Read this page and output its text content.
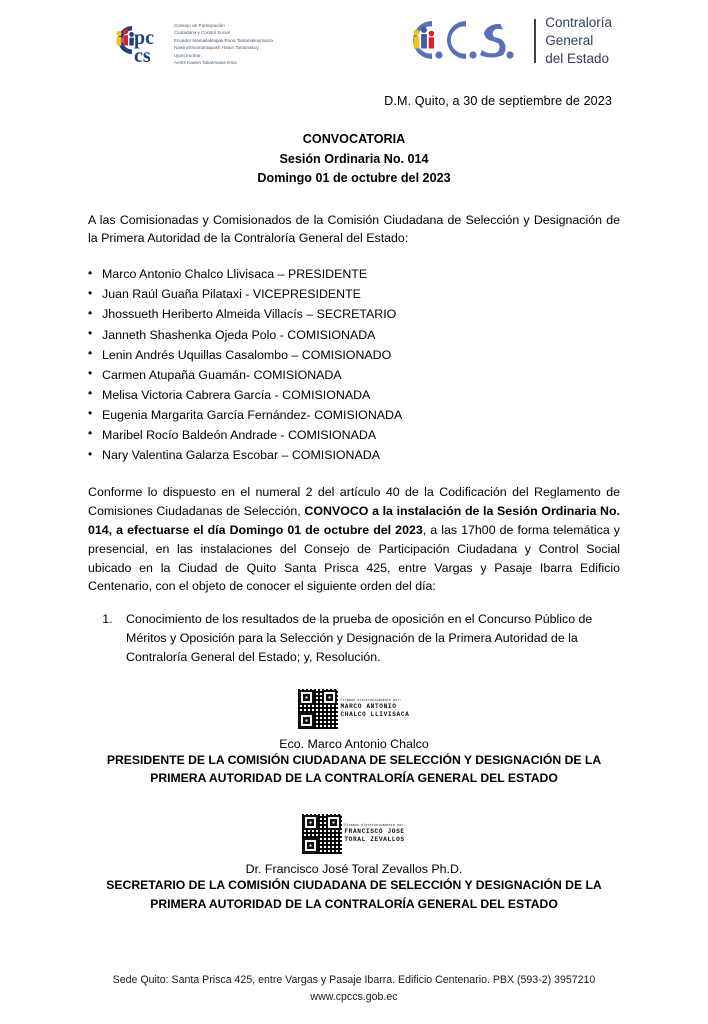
pc
cs
Consejo de Participación
Ciudadana y Control Social
Ecuador Mamallaktapak Runa Tantanakuymanta
Nawinchinamantapash Hatun Tantanakuy
Ujunt Iruntrar,
Aents Kawen Takatmania Iimia
Contraloría
General
del Estado
D.M. Quito, a 30 de septiembre de 2023
CONVOCATORIA
Sesión Ordinaria No. 014
Domingo 01 de octubre del 2023
A las Comisionadas y Comisionados de la Comisión Ciudadana de Selección y Designación de la Primera Autoridad de la Contraloría General del Estado:
• Marco Antonio Chalco Llivisaca – PRESIDENTE
• Juan Raúl Guaña Pilataxi - VICEPRESIDENTE
• Jhossueth Heriberto Almeida Villacís – SECRETARIO
• Janneth Shashenka Ojeda Polo - COMISIONADA
• Lenin Andrés Uquillas Casalombo – COMISIONADO
• Carmen Atupaña Guamán- COMISIONADA
• Melisa Victoria Cabrera García - COMISIONADA
• Eugenia Margarita García Fernández- COMISIONADA
• Maribel Rocío Baldeón Andrade - COMISIONADA
• Nary Valentina Galarza Escobar – COMISIONADA
Conforme lo dispuesto en el numeral 2 del artículo 40 de la Codificación del Reglamento de Comisiones Ciudadanas de Selección, CONVOCO a la instalación de la Sesión Ordinaria No. 014, a efectuarse el día Domingo 01 de octubre del 2023, a las 17h00 de forma telemática y presencial, en las instalaciones del Consejo de Participación Ciudadana y Control Social ubicado en la Ciudad de Quito Santa Prisca 425, entre Vargas y Pasaje Ibarra Edificio Centenario, con el objeto de conocer el siguiente orden del día:
1. Conocimiento de los resultados de la prueba de oposición en el Concurso Público de Méritos y Oposición para la Selección y Designación de la Primera Autoridad de la Contraloría General del Estado; y, Resolución.
Firmado electrónicamente por:
MARCO ANTONIO
CHALCO LLIVISACA
Eco. Marco Antonio Chalco
PRESIDENTE DE LA COMISIÓN CIUDADANA DE SELECCIÓN Y DESIGNACIÓN DE LA
PRIMERA AUTORIDAD DE LA CONTRALORÍA GENERAL DEL ESTADO
Firmado electrónicamente por:
FRANCISCO JOSE
TORAL ZEVALLOS
Dr. Francisco José Toral Zevallos Ph.D.
SECRETARIO DE LA COMISIÓN CIUDADANA DE SELECCIÓN Y DESIGNACIÓN DE LA
PRIMERA AUTORIDAD DE LA CONTRALORÍA GENERAL DEL ESTADO
Sede Quito: Santa Prisca 425, entre Vargas y Pasaje Ibarra. Edificio Centenario. PBX (593-2) 3957210
www.cpccs.gob.ec
